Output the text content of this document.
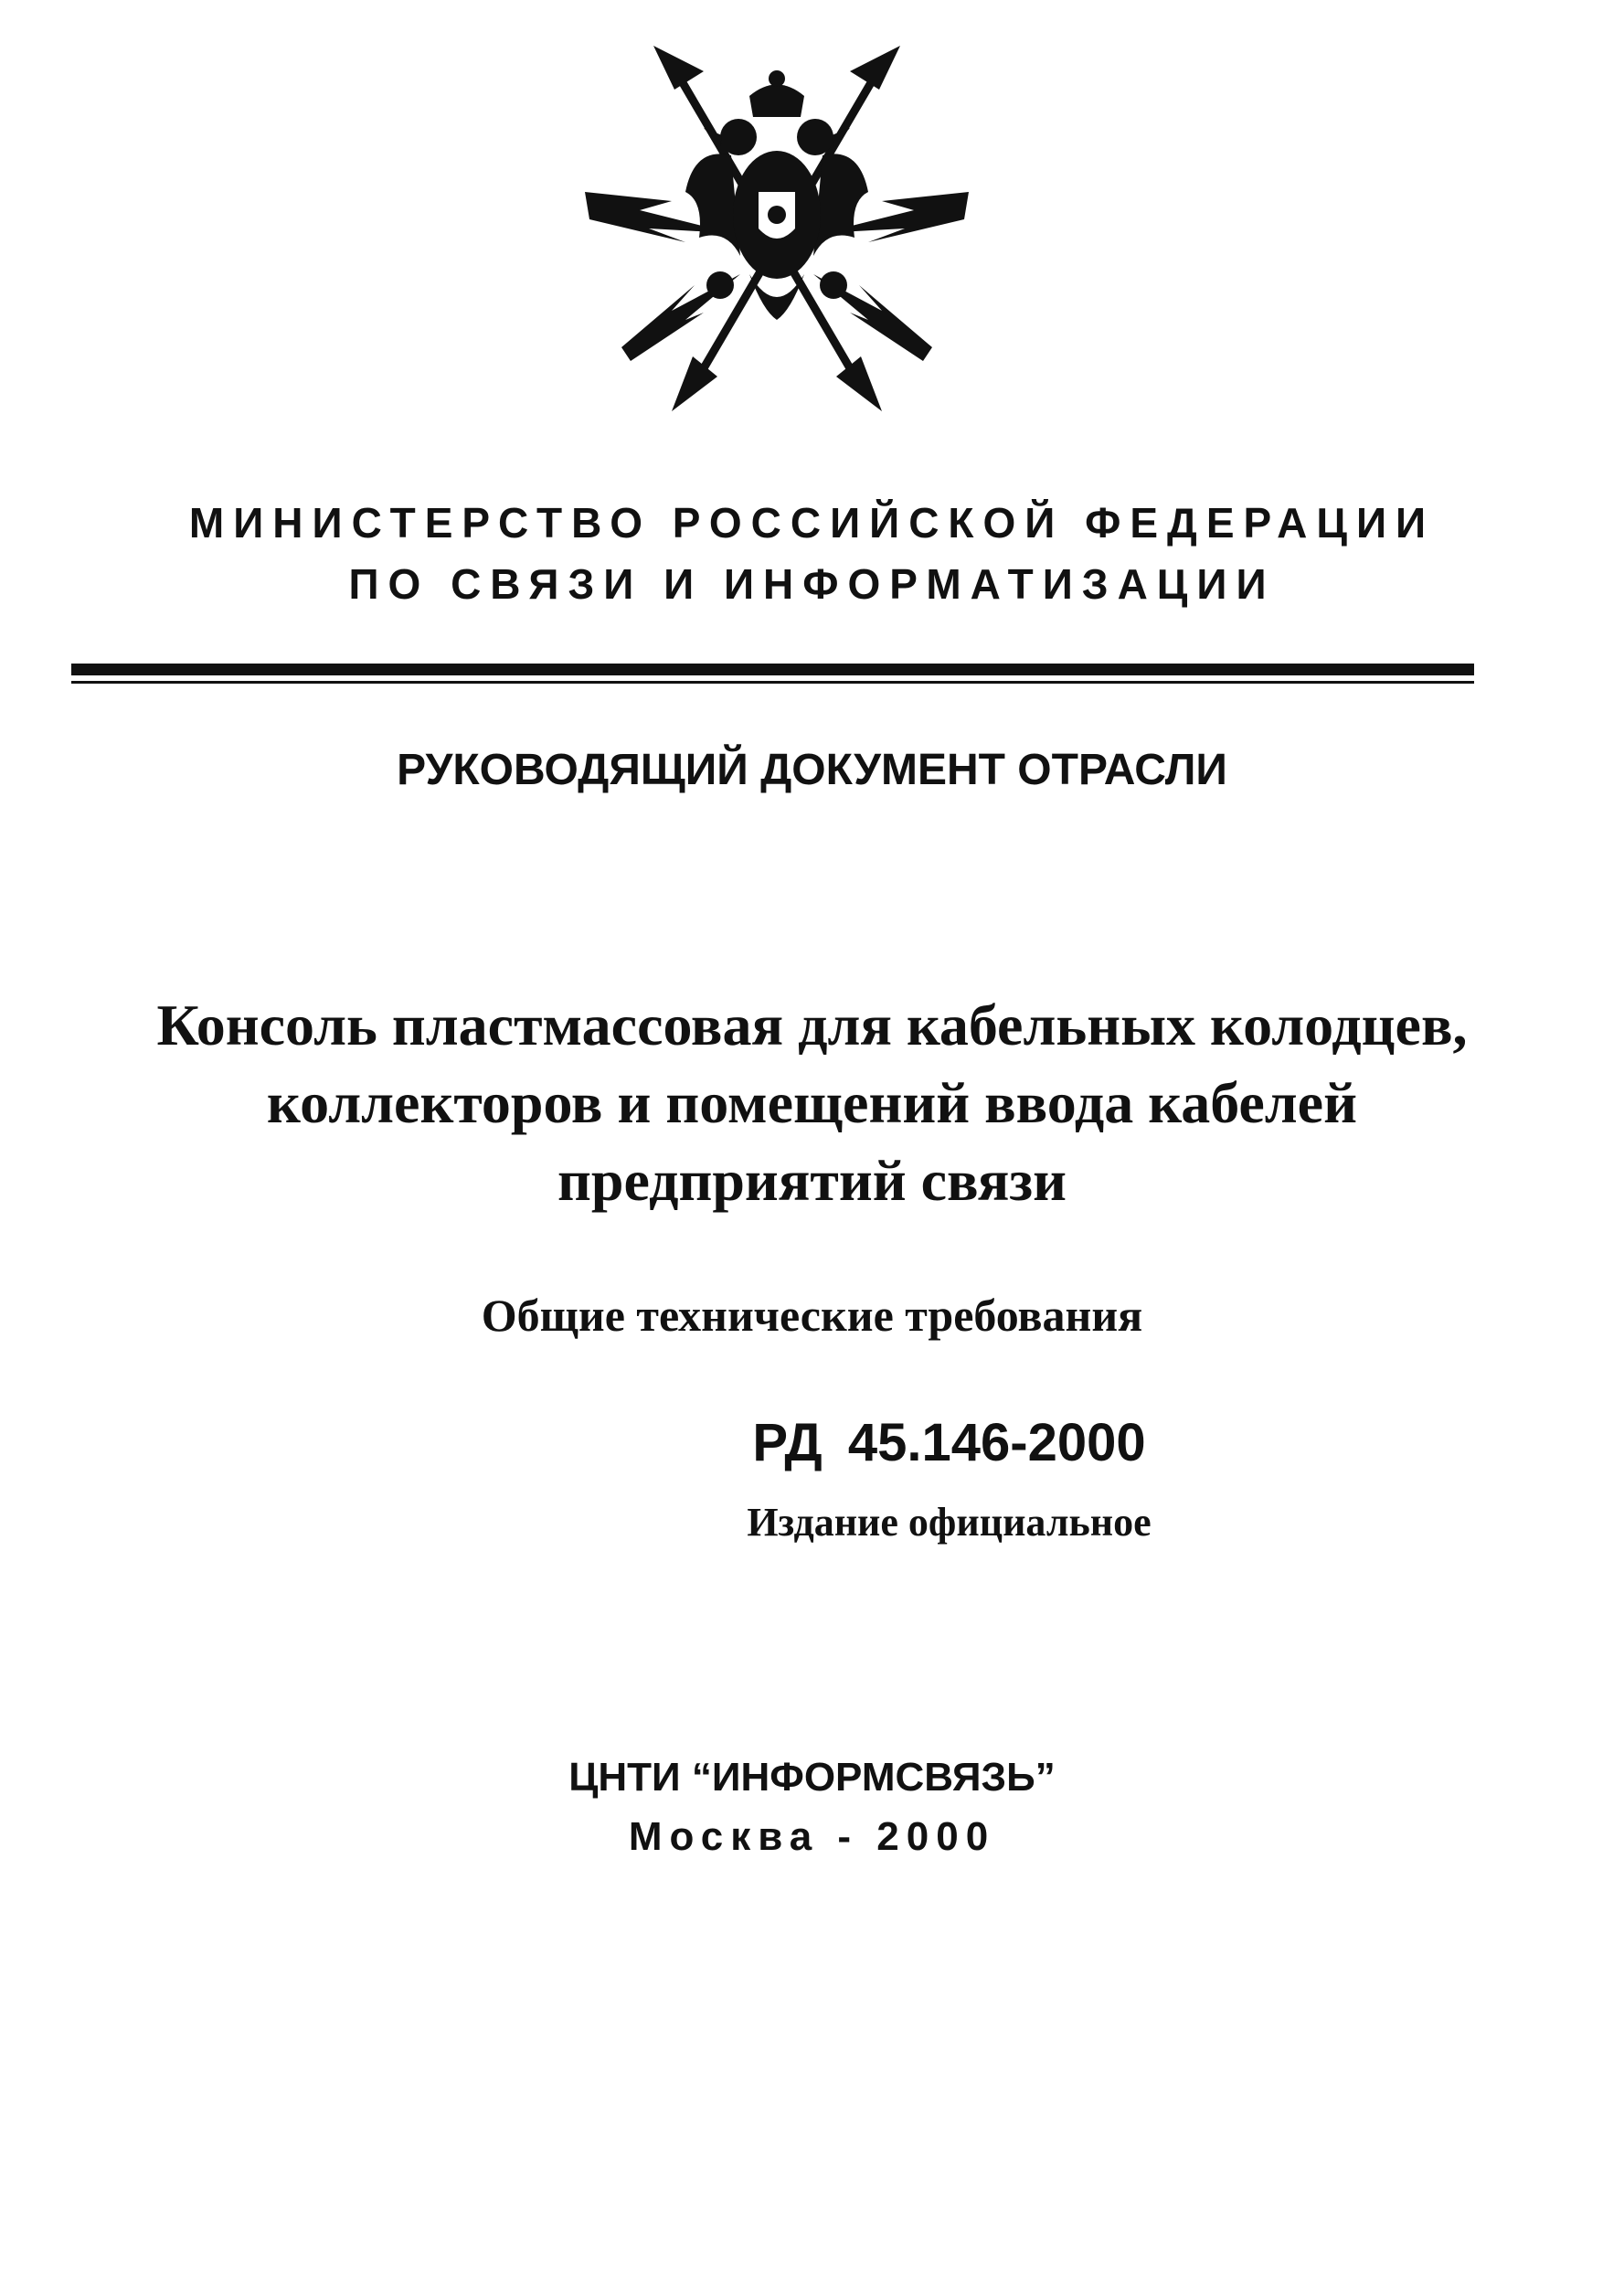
МИНИСТЕРСТВО РОССИЙСКОЙ ФЕДЕРАЦИИ
ПО СВЯЗИ И ИНФОРМАТИЗАЦИИ
РУКОВОДЯЩИЙ ДОКУМЕНТ ОТРАСЛИ
Консоль пластмассовая для кабельных колодцев,
коллекторов и помещений ввода кабелей
предприятий связи
Общие технические требования
РД 45.146-2000
Издание официальное
ЦНТИ “ИНФОРМСВЯЗЬ”
Москва - 2000
